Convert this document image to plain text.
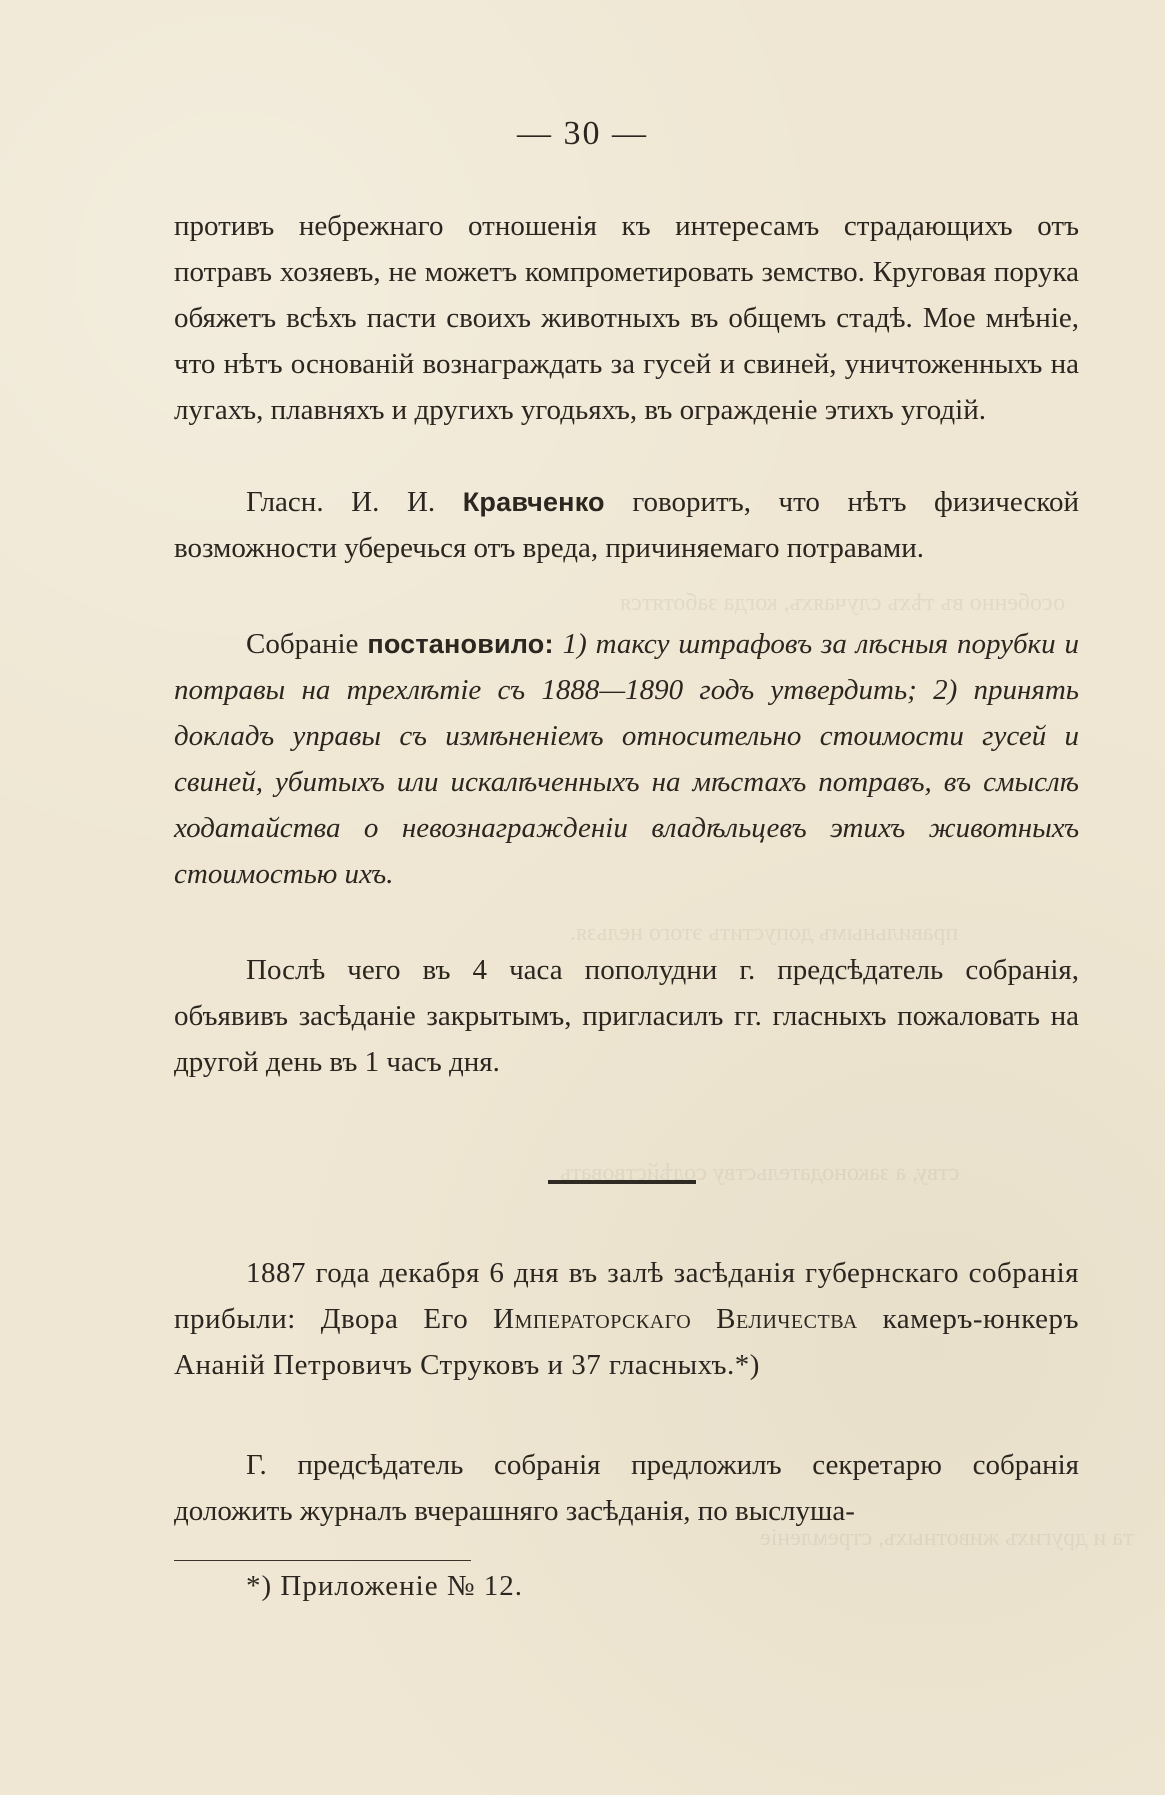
особенно въ тѣхъ случаяхъ, когда заботятся
правильнымъ допустить этого нельзя.
ству, а законодательству содѣйствовать
та и другихъ животныхъ, стремленіе
— 30 —

противъ небрежнаго отношенія къ интересамъ страдающихъ отъ потравъ хозяевъ, не можетъ компрометировать земство. Круговая порука обяжетъ всѣхъ пасти своихъ животныхъ въ общемъ стадѣ. Мое мнѣніе, что нѣтъ основаній вознаграждать за гусей и свиней, уничтоженныхъ на лугахъ, плавняхъ и другихъ угодьяхъ, въ огражденіе этихъ угодій.

Гласн. И. И. Кравченко говоритъ, что нѣтъ физической возможности уберечься отъ вреда, причиняемаго потравами.

Собраніе постановило: 1) таксу штрафовъ за лѣсныя порубки и потравы на трехлѣтіе съ 1888—1890 годъ утвердить; 2) принять докладъ управы съ измѣненіемъ относительно стоимости гусей и свиней, убитыхъ или искалѣченныхъ на мѣстахъ потравъ, въ смыслѣ ходатайства о невознагражденіи владѣльцевъ этихъ животныхъ стоимостью ихъ.

Послѣ чего въ 4 часа пополудни г. предсѣдатель собранія, объявивъ засѣданіе закрытымъ, пригласилъ гг. гласныхъ пожаловать на другой день въ 1 часъ дня.

1887 года декабря 6 дня въ залѣ засѣданія губернскаго собранія прибыли: Двора Его Императорскаго Величества камеръ-юнкеръ Ананій Петровичъ Струковъ и 37 гласныхъ.*)

Г. предсѣдатель собранія предложилъ секретарю собранія доложить журналъ вчерашняго засѣданія, по выслуша-

*) Приложеніе № 12.
